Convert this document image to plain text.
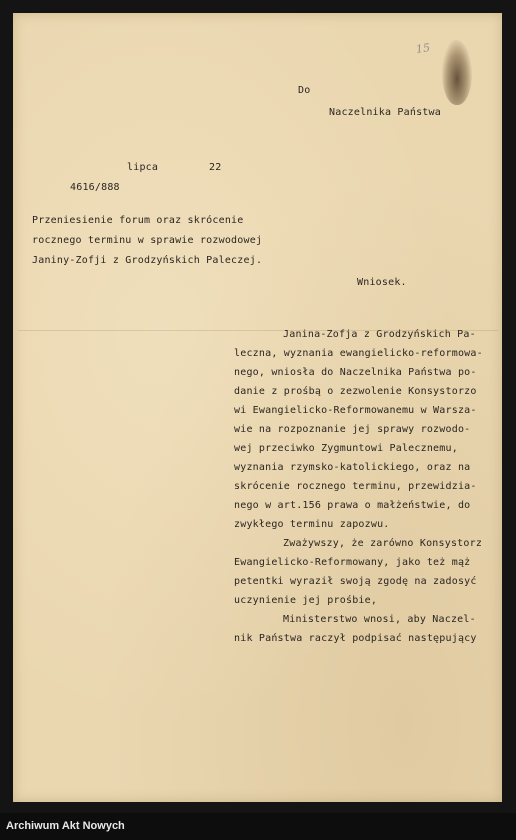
15
Do
Naczelnika Państwa
lipca	22
4616/888
Przeniesienie forum oraz skrócenie
rocznego terminu w sprawie rozwodowej
Janiny-Zofji z Grodzyńskich Paleczej.
Wniosek.
Janina-Zofja z Grodzyńskich Pa-
leczna, wyznania ewangielicko-reformowa-
nego, wniosła do Naczelnika Państwa po-
danie z prośbą o zezwolenie Konsystorzo
wi Ewangielicko-Reformowanemu w Warsza-
wie na rozpoznanie jej sprawy rozwodo-
wej przeciwko Zygmuntowi Palecznemu,
wyznania rzymsko-katolickiego, oraz na
skrócenie rocznego terminu, przewidzia-
nego w art.156 prawa o małżeństwie, do
zwykłego terminu zapozwu.
Zważywszy, że zarówno Konsystorz
Ewangielicko-Reformowany, jako też mąż
petentki wyraził swoją zgodę na zadosyć
uczynienie jej prośbie,
Ministerstwo wnosi, aby Naczel-
nik Państwa raczył podpisać następujący
Archiwum Akt Nowych
